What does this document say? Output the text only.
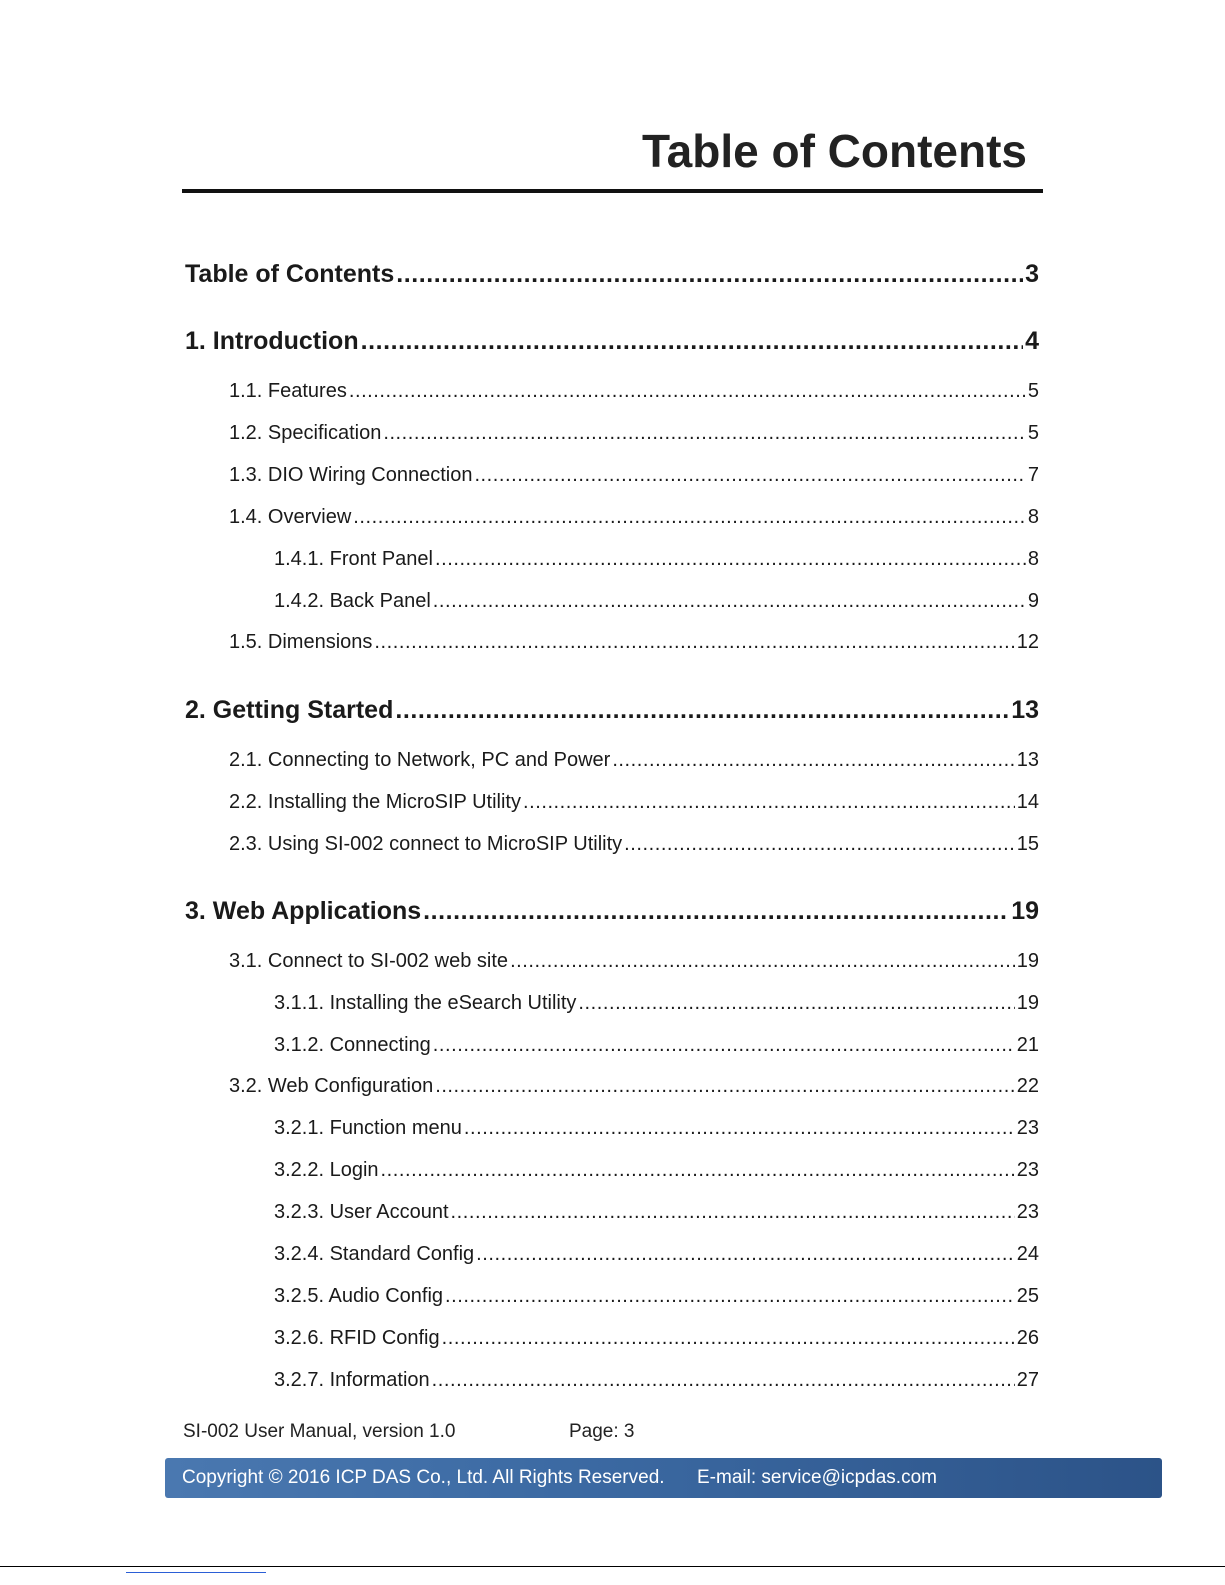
Table of Contents
Table of Contents . . .	3
1. Introduction . . .	4
1.1. Features . . .	5
1.2. Specification . . .	5
1.3. DIO Wiring Connection . . .	7
1.4. Overview . . .	8
1.4.1. Front Panel . . .	8
1.4.2. Back Panel . . .	9
1.5. Dimensions . . .	12
2. Getting Started . . .	13
2.1. Connecting to Network, PC and Power . . .	13
2.2. Installing the MicroSIP Utility . . .	14
2.3. Using SI-002 connect to MicroSIP Utility . . .	15
3. Web Applications . . .	19
3.1. Connect to SI-002 web site . . .	19
3.1.1. Installing the eSearch Utility . . .	19
3.1.2. Connecting . . .	21
3.2. Web Configuration . . .	22
3.2.1. Function menu . . .	23
3.2.2. Login . . .	23
3.2.3. User Account . . .	23
3.2.4. Standard Config . . .	24
3.2.5. Audio Config . . .	25
3.2.6. RFID Config . . .	26
3.2.7. Information . . .	27
SI-002 User Manual, version 1.0	Page: 3
Copyright © 2016 ICP DAS Co., Ltd. All Rights Reserved. E-mail: service@icpdas.com
